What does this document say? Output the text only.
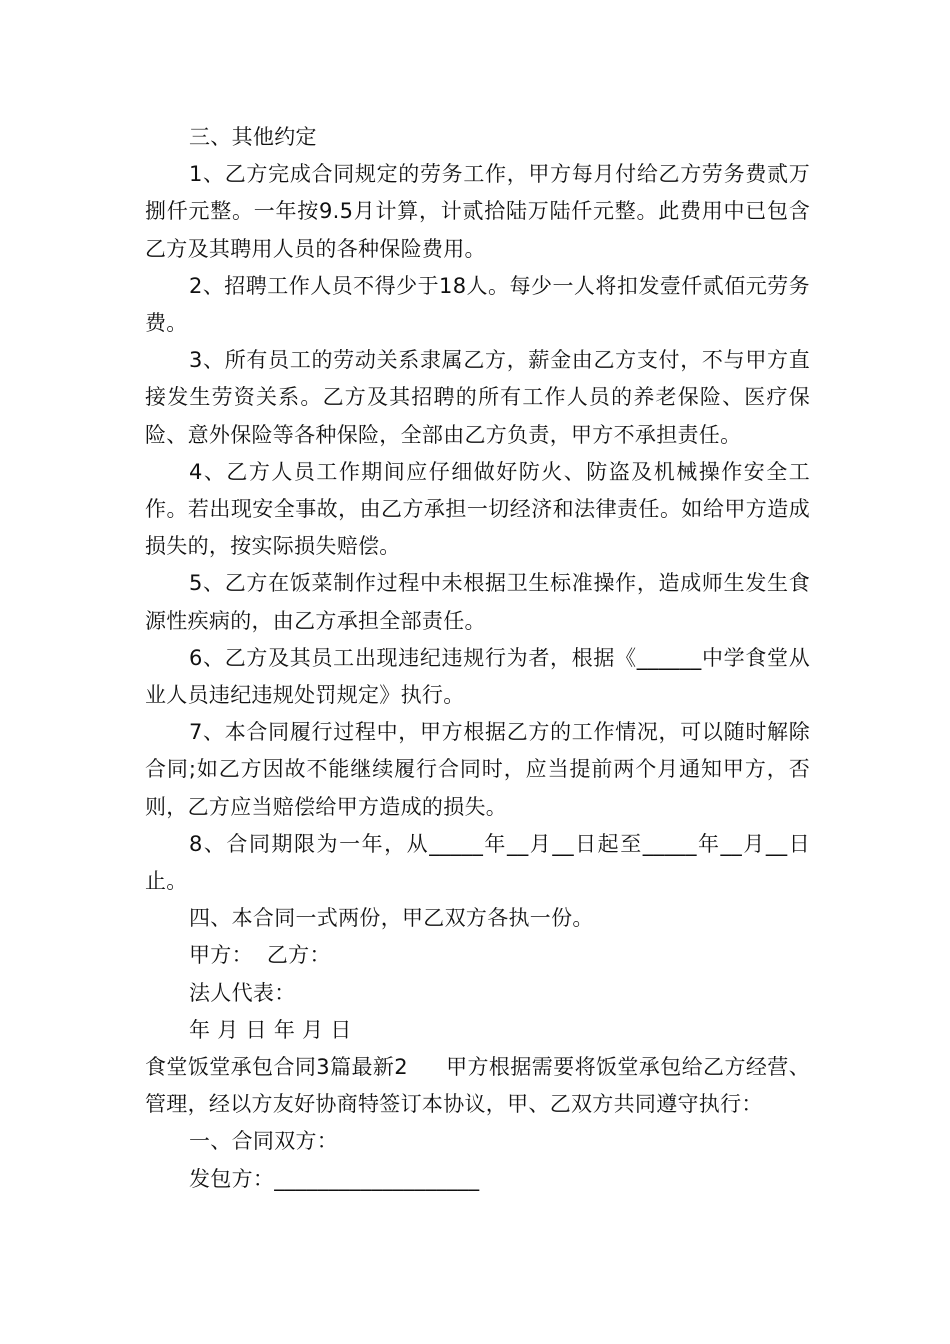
三、其他约定

1、乙方完成合同规定的劳务工作，甲方每月付给乙方劳务费贰万捌仟元整。一年按9.5月计算，计贰拾陆万陆仟元整。此费用中已包含乙方及其聘用人员的各种保险费用。

2、招聘工作人员不得少于18人。每少一人将扣发壹仟贰佰元劳务费。

3、所有员工的劳动关系隶属乙方，薪金由乙方支付，不与甲方直接发生劳资关系。乙方及其招聘的所有工作人员的养老保险、医疗保险、意外保险等各种保险，全部由乙方负责，甲方不承担责任。

4、乙方人员工作期间应仔细做好防火、防盗及机械操作安全工作。若出现安全事故，由乙方承担一切经济和法律责任。如给甲方造成损失的，按实际损失赔偿。

5、乙方在饭菜制作过程中未根据卫生标准操作，造成师生发生食源性疾病的，由乙方承担全部责任。

6、乙方及其员工出现违纪违规行为者，根据《______中学食堂从业人员违纪违规处罚规定》执行。

7、本合同履行过程中，甲方根据乙方的工作情况，可以随时解除合同;如乙方因故不能继续履行合同时，应当提前两个月通知甲方，否则，乙方应当赔偿给甲方造成的损失。

8、合同期限为一年，从_____年__月__日起至_____年__月__日止。

四、本合同一式两份，甲乙双方各执一份。

甲方：  乙方：

法人代表：

年 月 日 年 月 日

食堂饭堂承包合同3篇最新2 甲方根据需要将饭堂承包给乙方经营、管理，经以方友好协商特签订本协议，甲、乙双方共同遵守执行：

一、合同双方：

发包方：___________________
